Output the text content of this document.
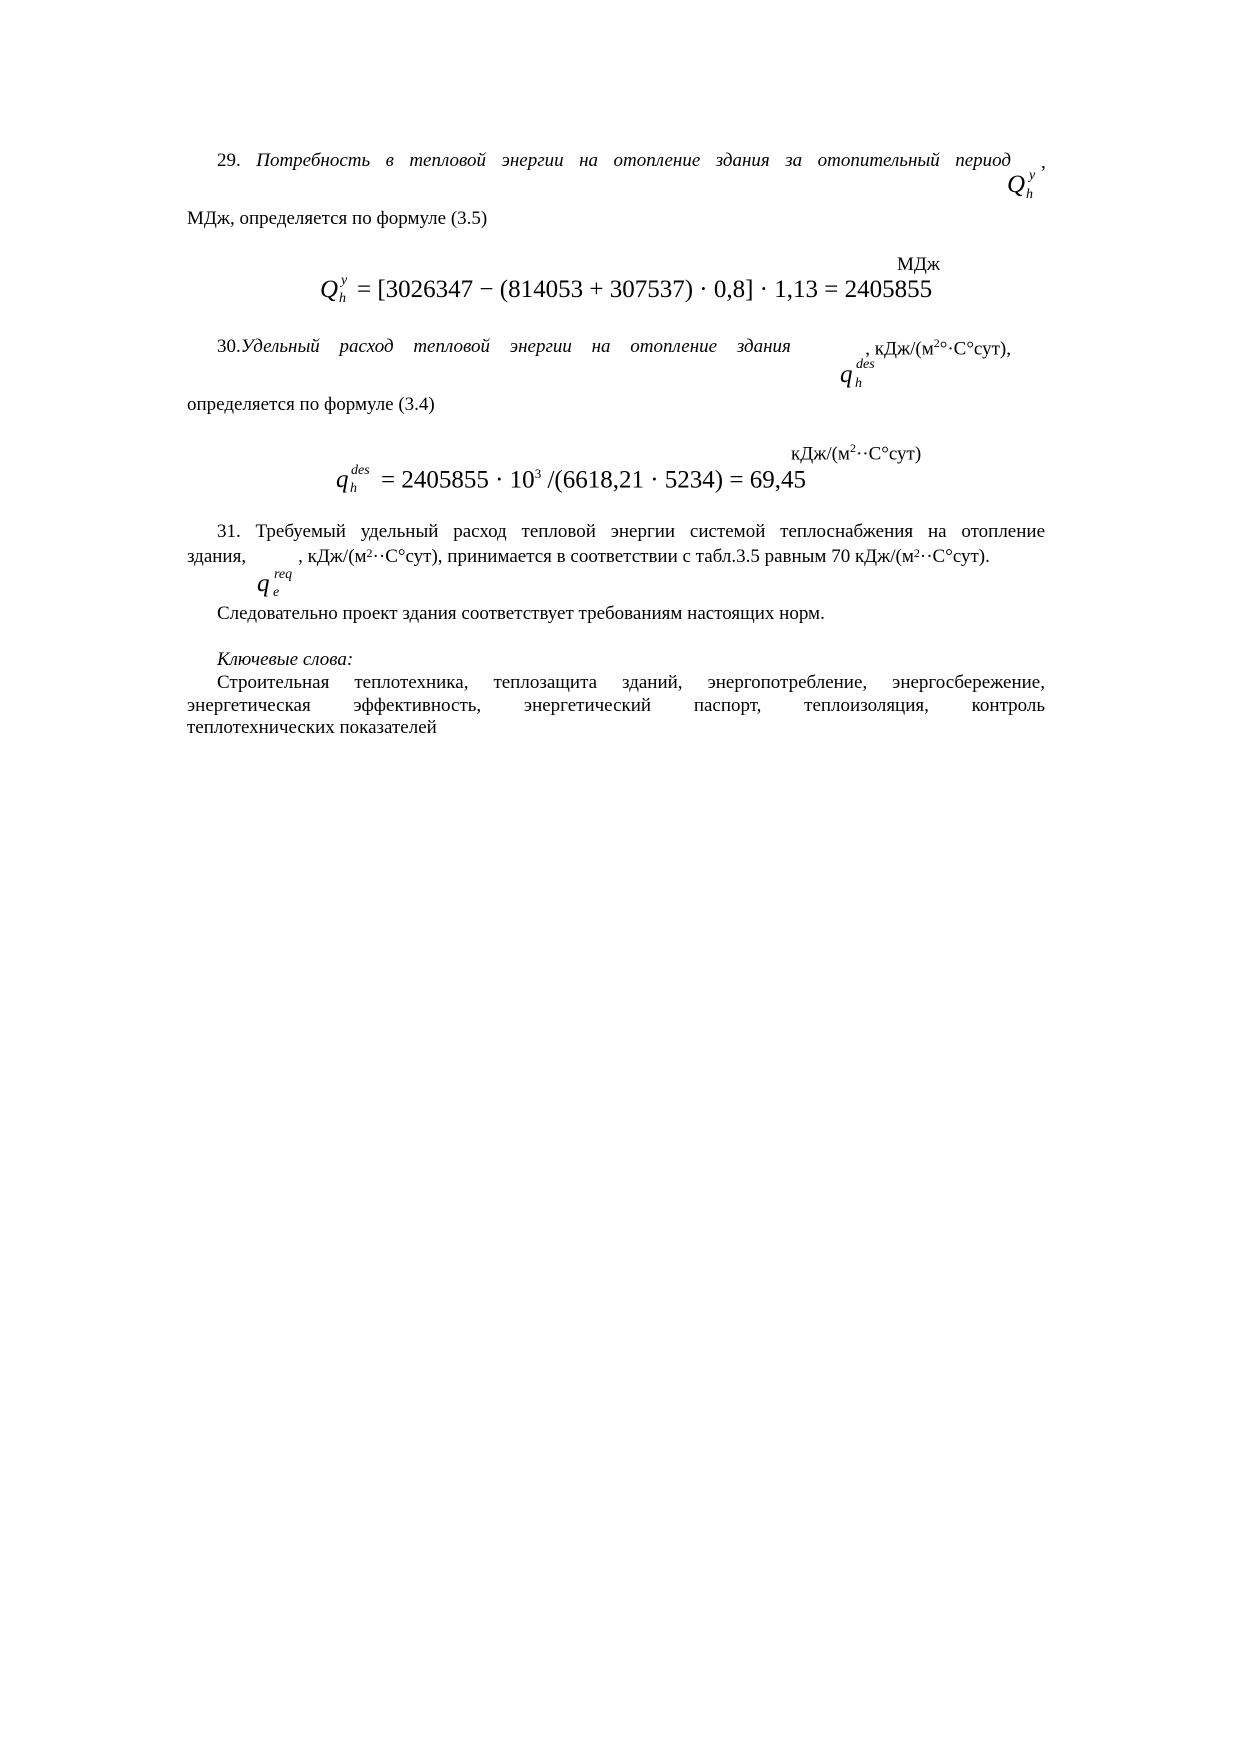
29. Потребность в тепловой энергии на отопление здания за отопительный период ,
Q y
h
МДж, определяется по формуле (3.5)
МДж
Q y
h = [3026347 − (814053 + 307537) · 0,8] · 1,13 = 2405855
30. Удельный расход тепловой энергии на отопление здания	, кДж/$(м^2^\circ\cdot С^\circ сут)$,
q des
h
определяется по формуле (3.4)
кДж/$(м^2\cdot\cdot С^\circ сут)$
q des
$h = 2405855 \cdot 10^3$ /(6618,21 · 5234) = 69,45
31. Требуемый удельный расход тепловой энергии системой теплоснабжения на отопление
здания,	, кДж/(м 2 ··С°сут), принимается в соответствии с табл.3.5 равным 70 кДж/(м 2 ··С°сут).
q req
e
Следовательно проект здания соответствует требованиям настоящих норм.
Ключевые слова:
Строительная теплотехника, теплозащита зданий, энергопотребление, энергосбережение,
энергетическая эффективность, энергетический паспорт, теплоизоляция, контроль
теплотехнических показателей
